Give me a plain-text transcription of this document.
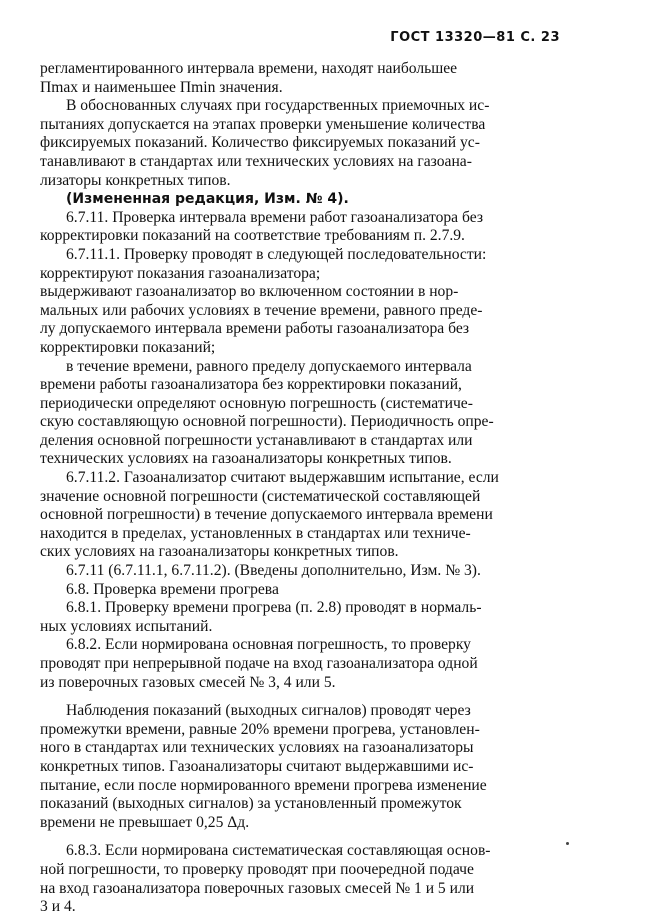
ГОСТ 13320—81 С. 23
регламентированного интервала времени, находят наибольшее
Пmax и наименьшее Пmin значения.
В обоснованных случаях при государственных приемочных ис-
пытаниях допускается на этапах проверки уменьшение количества
фиксируемых показаний. Количество фиксируемых показаний ус-
танавливают в стандартах или технических условиях на газоана-
лизаторы конкретных типов.
(Измененная редакция, Изм. № 4).
6.7.11. Проверка интервала времени работ газоанализатора без
корректировки показаний на соответствие требованиям п. 2.7.9.
6.7.11.1. Проверку проводят в следующей последовательности:
корректируют показания газоанализатора;
выдерживают газоанализатор во включенном состоянии в нор-
мальных или рабочих условиях в течение времени, равного преде-
лу допускаемого интервала времени работы газоанализатора без
корректировки показаний;
в течение времени, равного пределу допускаемого интервала
времени работы газоанализатора без корректировки показаний,
периодически определяют основную погрешность (систематиче-
скую составляющую основной погрешности). Периодичность опре-
деления основной погрешности устанавливают в стандартах или
технических условиях на газоанализаторы конкретных типов.
6.7.11.2. Газоанализатор считают выдержавшим испытание, если
значение основной погрешности (систематической составляющей
основной погрешности) в течение допускаемого интервала времени
находится в пределах, установленных в стандартах или техниче-
ских условиях на газоанализаторы конкретных типов.
6.7.11 (6.7.11.1, 6.7.11.2). (Введены дополнительно, Изм. № 3).
6.8. Проверка времени прогрева
6.8.1. Проверку времени прогрева (п. 2.8) проводят в нормаль-
ных условиях испытаний.
6.8.2. Если нормирована основная погрешность, то проверку
проводят при непрерывной подаче на вход газоанализатора одной
из поверочных газовых смесей № 3, 4 или 5.
Наблюдения показаний (выходных сигналов) проводят через
промежутки времени, равные 20% времени прогрева, установлен-
ного в стандартах или технических условиях на газоанализаторы
конкретных типов. Газоанализаторы считают выдержавшими ис-
пытание, если после нормированного времени прогрева изменение
показаний (выходных сигналов) за установленный промежуток
времени не превышает 0,25 Δд.
6.8.3. Если нормирована систематическая составляющая основ-
ной погрешности, то проверку проводят при поочередной подаче
на вход газоанализатора поверочных газовых смесей № 1 и 5 или
3 и 4.
